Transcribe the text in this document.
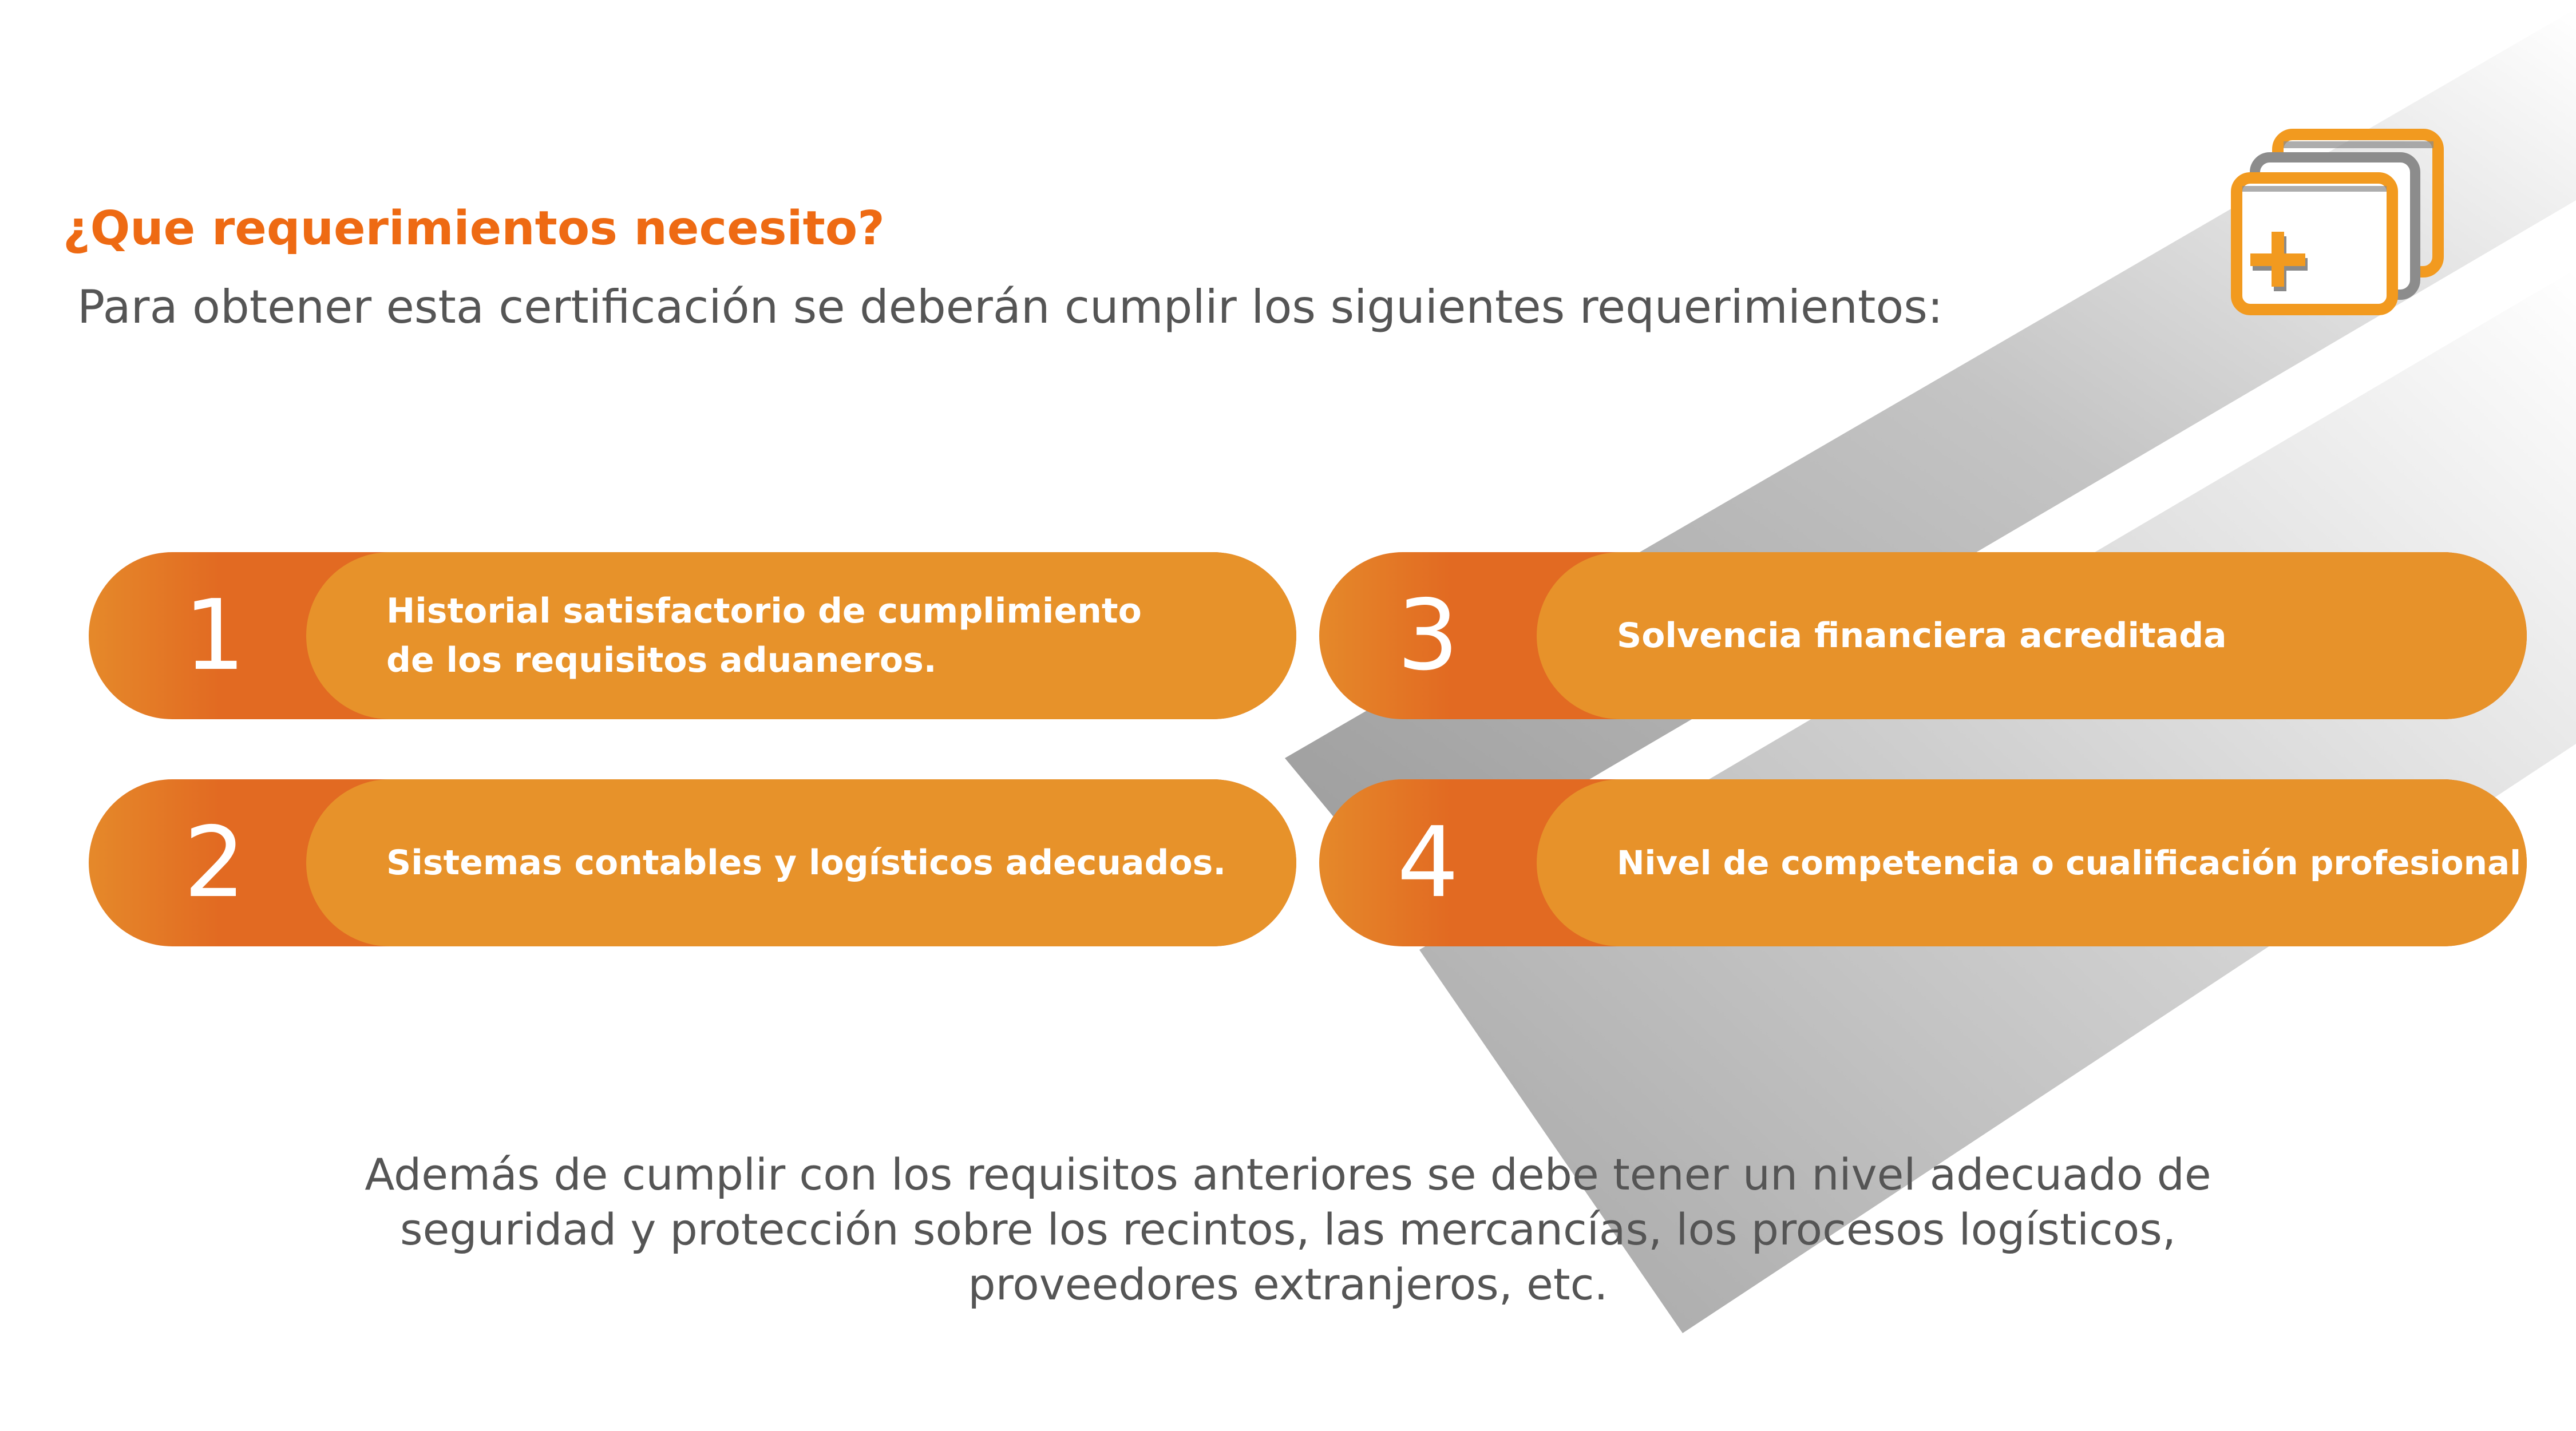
¿Que requerimientos necesito?

Para obtener esta certificación se deberán cumplir los siguientes requerimientos:

1	Historial satisfactorio de cumplimiento
de los requisitos aduaneros.
2	Sistemas contables y logísticos adecuados.
3	Solvencia financiera acreditada
4	Nivel de competencia o cualificación profesional

Además de cumplir con los requisitos anteriores se debe tener un nivel adecuado de
seguridad y protección sobre los recintos, las mercancías, los procesos logísticos,
proveedores extranjeros, etc.
